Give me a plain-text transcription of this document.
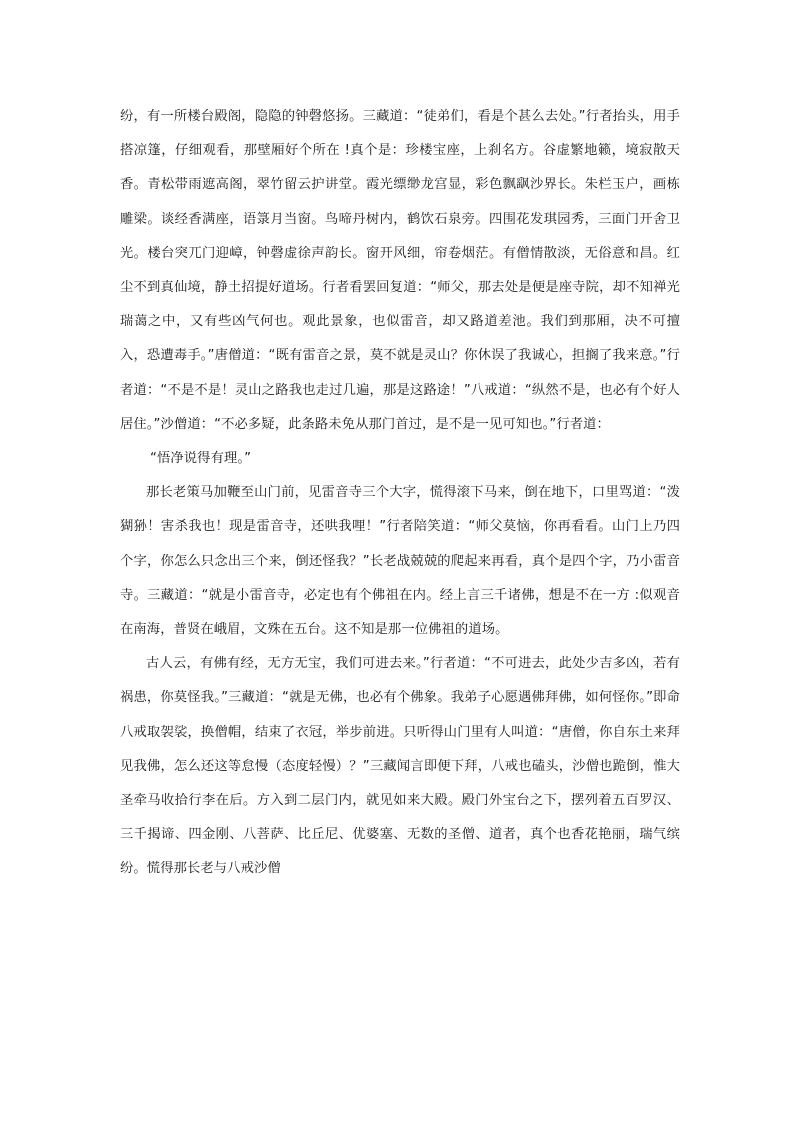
纷，有一所楼台殿阁，隐隐的钟磬悠扬。三藏道：“徒弟们，看是个甚么去处。”行者抬头，用手搭凉篷，仔细观看，那壁厢好个所在 !真个是：珍楼宝座，上刹名方。谷虚繁地籁，境寂散天香。青松带雨遮高阁，翠竹留云护讲堂。霞光缥缈龙宫显，彩色飘飖沙界长。朱栏玉户，画栋雕梁。谈经香满座，语箓月当窗。鸟啼丹树内，鹤饮石泉旁。四围花发琪园秀，三面门开舍卫光。楼台突兀门迎嶂，钟磬虚徐声韵长。窗开风细，帘卷烟茫。有僧情散淡，无俗意和昌。红尘不到真仙境，静土招提好道场。行者看罢回复道：“师父，那去处是便是座寺院，却不知禅光瑞蔼之中，又有些凶气何也。观此景象，也似雷音，却又路道差池。我们到那厢，决不可擅入，恐遭毒手。”唐僧道：“既有雷音之景，莫不就是灵山？你休误了我诚心，担搁了我来意。”行者道：“不是不是！灵山之路我也走过几遍，那是这路途！”八戒道：“纵然不是，也必有个好人居住。”沙僧道：“不必多疑，此条路未免从那门首过，是不是一见可知也。”行者道：

“悟净说得有理。”

那长老策马加鞭至山门前，见雷音寺三个大字，慌得滚下马来，倒在地下，口里骂道：“泼猢狲！害杀我也！现是雷音寺，还哄我哩！”行者陪笑道：“师父莫恼，你再看看。山门上乃四个字，你怎么只念出三个来，倒还怪我？”长老战兢兢的爬起来再看，真个是四个字，乃小雷音寺。三藏道：“就是小雷音寺，必定也有个佛祖在内。经上言三千诸佛，想是不在一方 :似观音在南海，普贤在峨眉，文殊在五台。这不知是那一位佛祖的道场。

古人云，有佛有经，无方无宝，我们可进去来。”行者道：“不可进去，此处少吉多凶，若有祸患，你莫怪我。”三藏道：“就是无佛，也必有个佛象。我弟子心愿遇佛拜佛，如何怪你。”即命八戒取袈裟，换僧帽，结束了衣冠，举步前进。只听得山门里有人叫道：“唐僧，你自东土来拜见我佛，怎么还这等怠慢（态度轻慢）？”三藏闻言即便下拜，八戒也磕头，沙僧也跪倒，惟大圣牵马收拾行李在后。方入到二层门内，就见如来大殿。殿门外宝台之下，摆列着五百罗汉、三千揭谛、四金刚、八菩萨、比丘尼、优婆塞、无数的圣僧、道者，真个也香花艳丽，瑞气缤纷。慌得那长老与八戒沙僧
